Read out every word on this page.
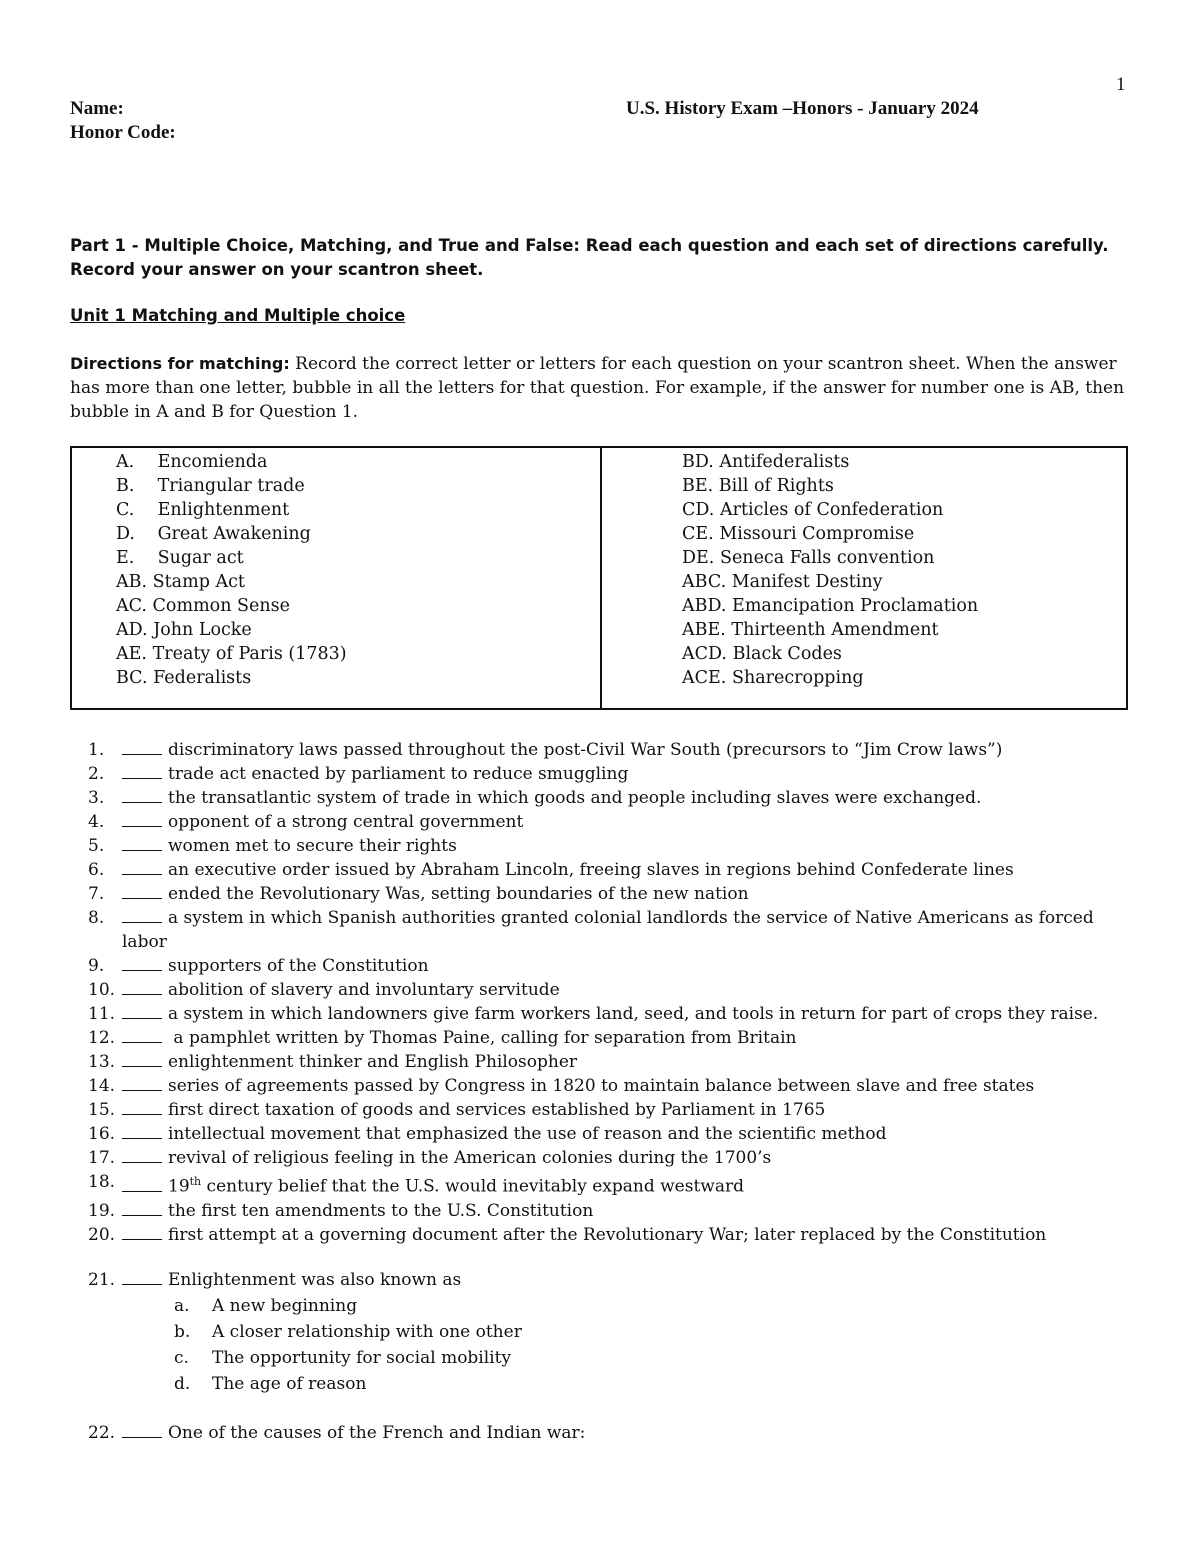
1
Name:	U.S. History Exam –Honors - January 2024
Honor Code:
Part 1 - Multiple Choice, Matching, and True and False: Read each question and each set of directions carefully. Record your answer on your scantron sheet.
Unit 1 Matching and Multiple choice
Directions for matching: Record the correct letter or letters for each question on your scantron sheet. When the answer has more than one letter, bubble in all the letters for that question. For example, if the answer for number one is AB, then bubble in A and B for Question 1.
A. Encomienda
B. Triangular trade
C. Enlightenment
D. Great Awakening
E. Sugar act
AB. Stamp Act
AC. Common Sense
AD. John Locke
AE. Treaty of Paris (1783)
BC. Federalists
BD. Antifederalists
BE. Bill of Rights
CD. Articles of Confederation
CE. Missouri Compromise
DE. Seneca Falls convention
ABC. Manifest Destiny
ABD. Emancipation Proclamation
ABE. Thirteenth Amendment
ACD. Black Codes
ACE. Sharecropping
1.	discriminatory laws passed throughout the post-Civil War South (precursors to “Jim Crow laws”)
2.	trade act enacted by parliament to reduce smuggling
3.	the transatlantic system of trade in which goods and people including slaves were exchanged.
4.	opponent of a strong central government
5.	women met to secure their rights
6.	an executive order issued by Abraham Lincoln, freeing slaves in regions behind Confederate lines
7.	ended the Revolutionary Was, setting boundaries of the new nation
8.	a system in which Spanish authorities granted colonial landlords the service of Native Americans as forced labor
9.	supporters of the Constitution
10.	abolition of slavery and involuntary servitude
11.	a system in which landowners give farm workers land, seed, and tools in return for part of crops they raise.
12.	a pamphlet written by Thomas Paine, calling for separation from Britain
13.	enlightenment thinker and English Philosopher
14.	series of agreements passed by Congress in 1820 to maintain balance between slave and free states
15.	first direct taxation of goods and services established by Parliament in 1765
16.	intellectual movement that emphasized the use of reason and the scientific method
17.	revival of religious feeling in the American colonies during the 1700’s
18.	19th century belief that the U.S. would inevitably expand westward
19.	the first ten amendments to the U.S. Constitution
20.	first attempt at a governing document after the Revolutionary War; later replaced by the Constitution
21.	Enlightenment was also known as
a. A new beginning
b. A closer relationship with one other
c. The opportunity for social mobility
d. The age of reason
22.	One of the causes of the French and Indian war:
